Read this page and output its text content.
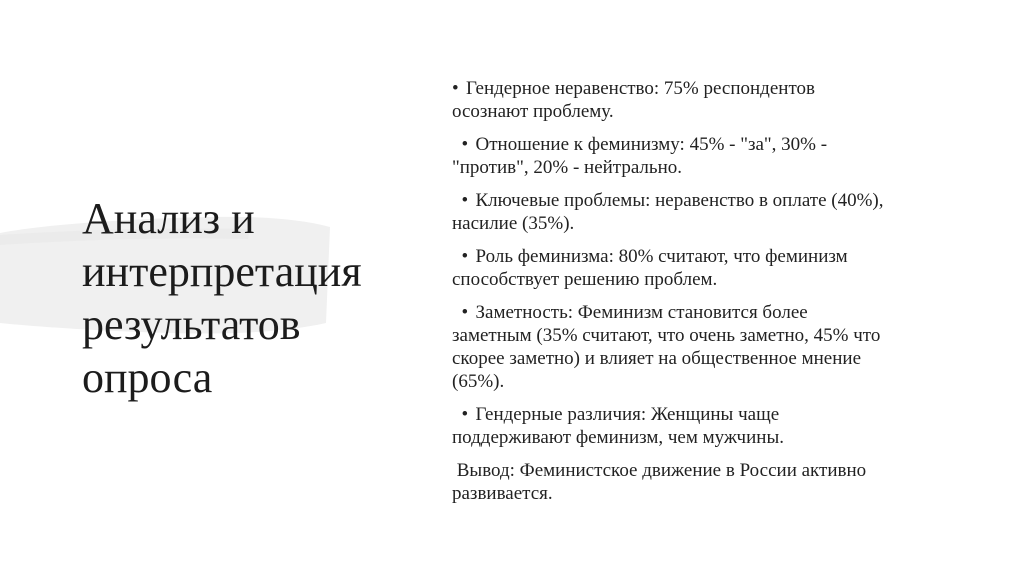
Анализ и
интерпретация
результатов
опроса
• Гендерное неравенство: 75% респондентов
осознают проблему.
• Отношение к феминизму: 45% - "за", 30% -
"против", 20% - нейтрально.
• Ключевые проблемы: неравенство в оплате (40%),
насилие (35%).
• Роль феминизма: 80% считают, что феминизм
способствует решению проблем.
• Заметность: Феминизм становится более
заметным (35% считают, что очень заметно, 45% что
скорее заметно) и влияет на общественное мнение
(65%).
• Гендерные различия: Женщины чаще
поддерживают феминизм, чем мужчины.
Вывод: Феминистское движение в России активно
развивается.
